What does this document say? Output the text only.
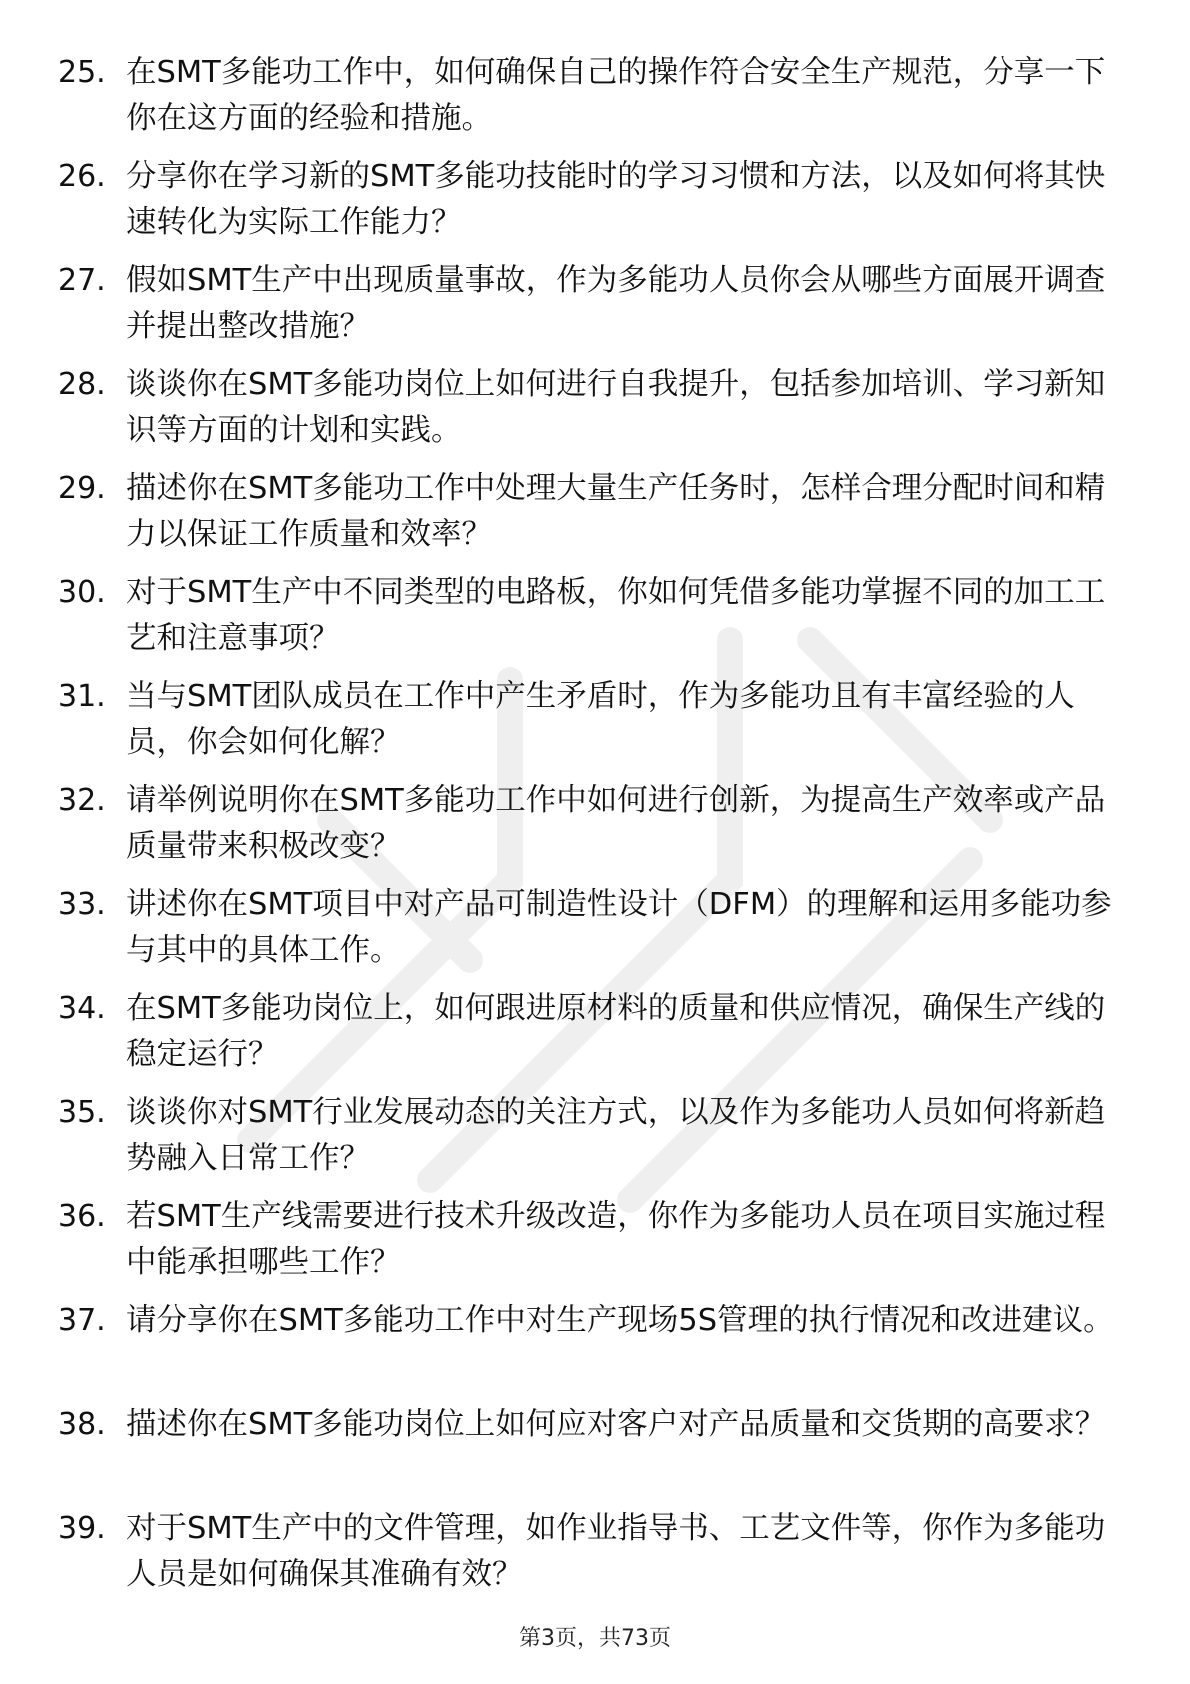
25. 在SMT多能功工作中，如何确保自己的操作符合安全生产规范，分享一下你在这方面的经验和措施。
26. 分享你在学习新的SMT多能功技能时的学习习惯和方法，以及如何将其快速转化为实际工作能力？
27. 假如SMT生产中出现质量事故，作为多能功人员你会从哪些方面展开调查并提出整改措施？
28. 谈谈你在SMT多能功岗位上如何进行自我提升，包括参加培训、学习新知识等方面的计划和实践。
29. 描述你在SMT多能功工作中处理大量生产任务时，怎样合理分配时间和精力以保证工作质量和效率？
30. 对于SMT生产中不同类型的电路板，你如何凭借多能功掌握不同的加工工艺和注意事项？
31. 当与SMT团队成员在工作中产生矛盾时，作为多能功且有丰富经验的人员，你会如何化解？
32. 请举例说明你在SMT多能功工作中如何进行创新，为提高生产效率或产品质量带来积极改变？
33. 讲述你在SMT项目中对产品可制造性设计（DFM）的理解和运用多能功参与其中的具体工作。
34. 在SMT多能功岗位上，如何跟进原材料的质量和供应情况，确保生产线的稳定运行？
35. 谈谈你对SMT行业发展动态的关注方式，以及作为多能功人员如何将新趋势融入日常工作？
36. 若SMT生产线需要进行技术升级改造，你作为多能功人员在项目实施过程中能承担哪些工作？
37. 请分享你在SMT多能功工作中对生产现场5S管理的执行情况和改进建议。
38. 描述你在SMT多能功岗位上如何应对客户对产品质量和交货期的高要求？
39. 对于SMT生产中的文件管理，如作业指导书、工艺文件等，你作为多能功人员是如何确保其准确有效？
第3页，共73页
